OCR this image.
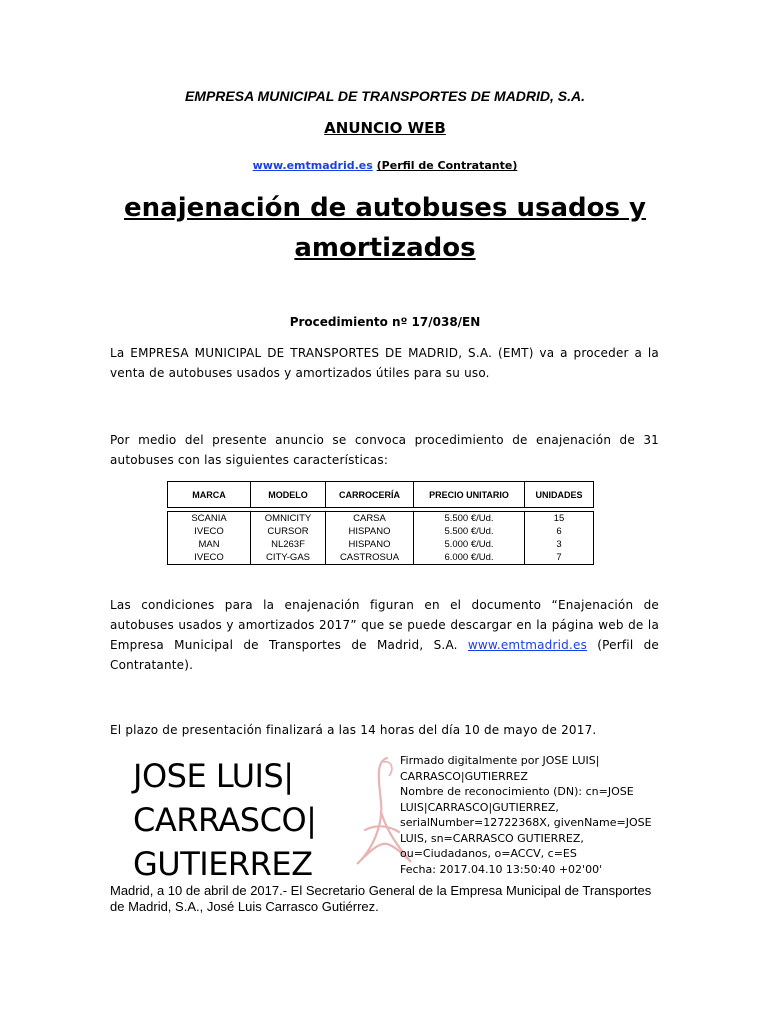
EMPRESA MUNICIPAL DE TRANSPORTES DE MADRID, S.A.
ANUNCIO WEB
www.emtmadrid.es (Perfil de Contratante)
enajenación de autobuses usados y
amortizados
Procedimiento nº 17/038/EN
La EMPRESA MUNICIPAL DE TRANSPORTES DE MADRID, S.A. (EMT) va a proceder a la venta de autobuses usados y amortizados útiles para su uso.
Por medio del presente anuncio se convoca procedimiento de enajenación de 31 autobuses con las siguientes características:
MARCA	MODELO	CARROCERÍA	PRECIO UNITARIO	UNIDADES

SCANIA	OMNICITY	CARSA	5.500 €/Ud.	15
IVECO	CURSOR	HISPANO	5.500 €/Ud.	6
MAN	NL263F	HISPANO	5.000 €/Ud.	3
IVECO	CITY-GAS	CASTROSUA	6.000 €/Ud.	7
Las condiciones para la enajenación figuran en el documento “Enajenación de autobuses usados y amortizados 2017” que se puede descargar en la página web de la Empresa Municipal de Transportes de Madrid, S.A. www.emtmadrid.es (Perfil de Contratante).
El plazo de presentación finalizará a las 14 horas del día 10 de mayo de 2017.
JOSE LUIS|
CARRASCO|
GUTIERREZ
Firmado digitalmente por JOSE LUIS|
CARRASCO|GUTIERREZ
Nombre de reconocimiento (DN): cn=JOSE
LUIS|CARRASCO|GUTIERREZ,
serialNumber=12722368X, givenName=JOSE
LUIS, sn=CARRASCO GUTIERREZ,
ou=Ciudadanos, o=ACCV, c=ES
Fecha: 2017.04.10 13:50:40 +02'00'
Madrid, a 10 de abril de 2017.- El Secretario General de la Empresa Municipal de Transportes de Madrid, S.A., José Luis Carrasco Gutiérrez.
